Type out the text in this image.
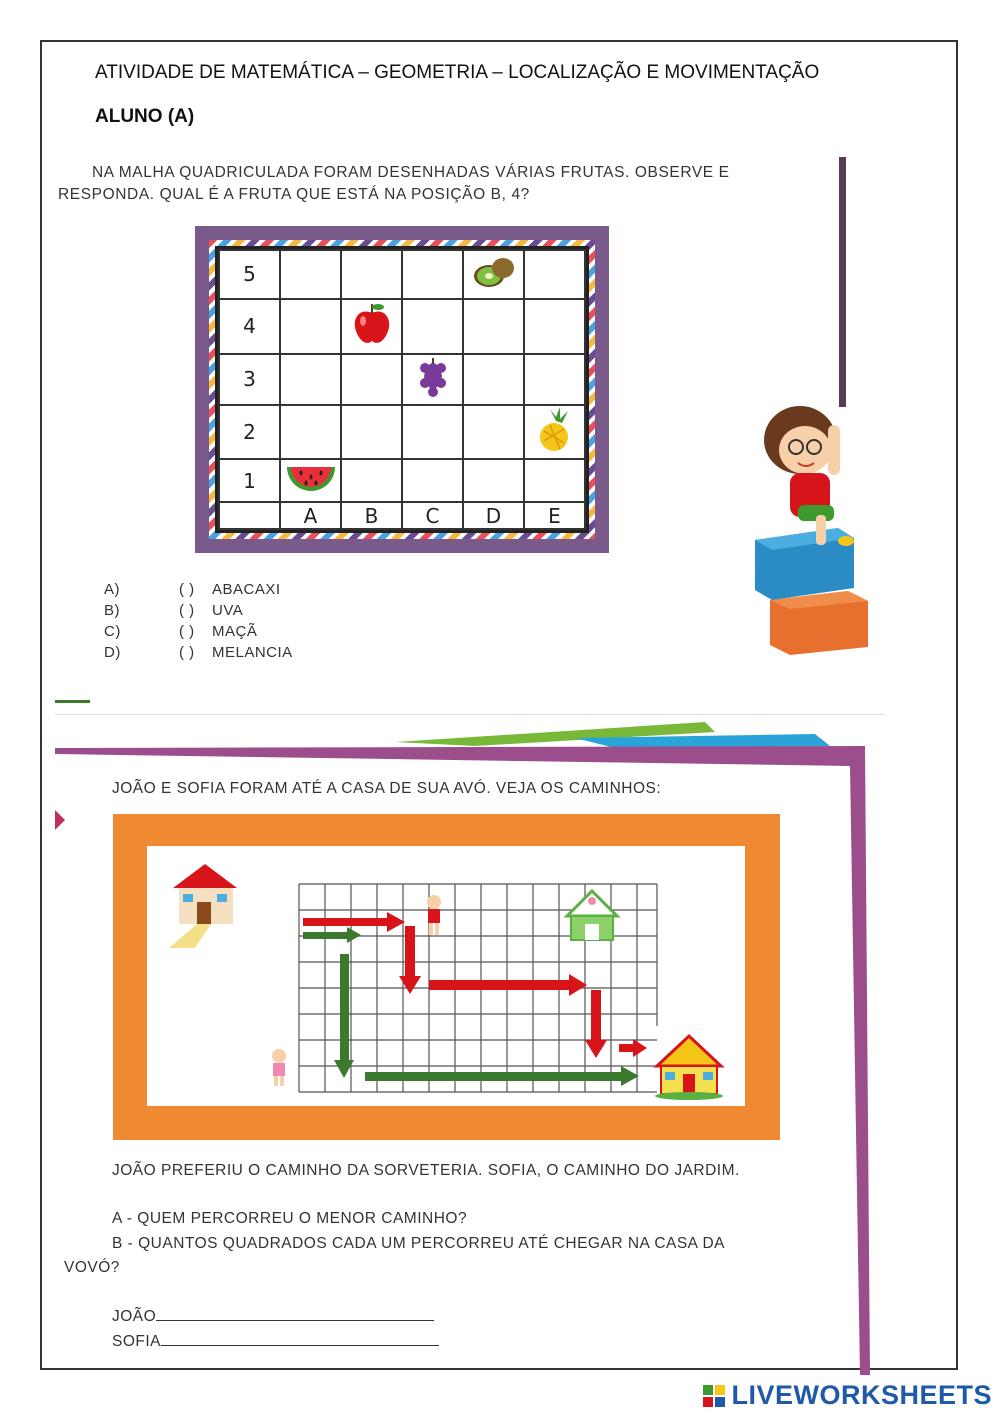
ATIVIDADE DE MATEMÁTICA – GEOMETRIA – LOCALIZAÇÃO E MOVIMENTAÇÃO
ALUNO (A)
NA MALHA QUADRICULADA FORAM DESENHADAS VÁRIAS FRUTAS. OBSERVE E
RESPONDA. QUAL É A FRUTA QUE ESTÁ NA POSIÇÃO B, 4?
5					
4					
3					
2					
1					
	A	B	C	D	E
A)	( )	ABACAXI
B)	( )	UVA
C)	( )	MAÇÃ
D)	( )	MELANCIA
JOÃO E SOFIA FORAM ATÉ A CASA DE SUA AVÓ. VEJA OS CAMINHOS:
JOÃO PREFERIU O CAMINHO DA SORVETERIA. SOFIA, O CAMINHO DO JARDIM.
A - QUEM PERCORREU O MENOR CAMINHO?
B - QUANTOS QUADRADOS CADA UM PERCORREU ATÉ CHEGAR NA CASA DA
VOVÓ?
JOÃO
SOFIA
LIVEWORKSHEETS
